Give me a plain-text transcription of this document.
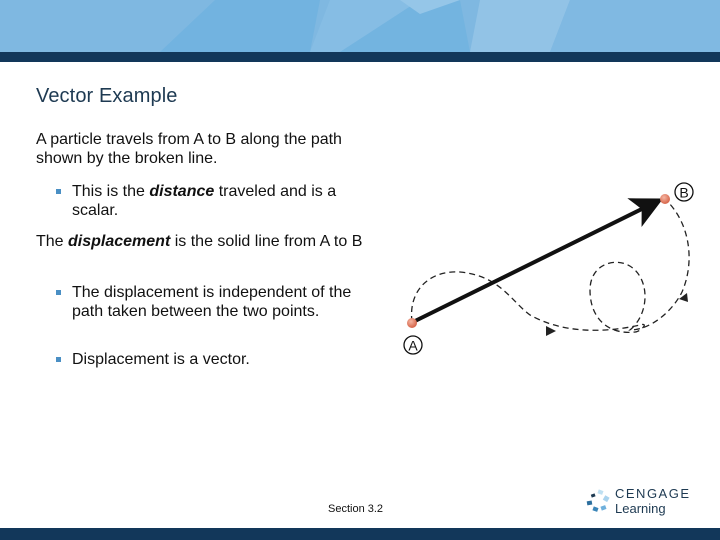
Vector Example
A particle travels from A to B along the path shown by the broken line.
This is the distance traveled and is a scalar.
The displacement is the solid line from A to B
The displacement is independent of the path taken between the two points.
Displacement is a vector.
A
B
Section 3.2
CENGAGE
Learning
